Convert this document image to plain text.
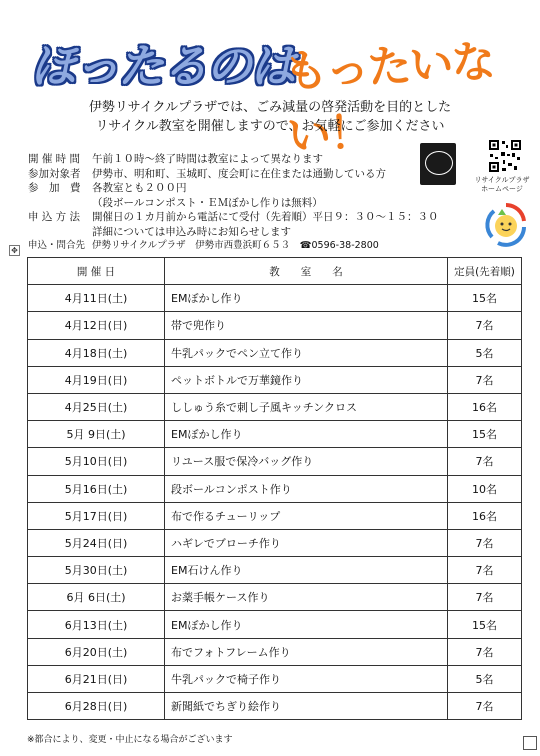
ほったるのは
もったいない！
伊勢リサイクルプラザでは、ごみ減量の啓発活動を目的とした
リサイクル教室を開催しますので、お気軽にご参加ください
開 催 時 間	午前１０時～終了時間は教室によって異なります
参加対象者	伊勢市、明和町、玉城町、度会町に在住または通勤している方
参　加　費	各教室とも２００円
（段ボールコンポスト・ＥＭぼかし作りは無料）
申 込 方 法	開催日の１カ月前から電話にて受付（先着順）平日９：３０～１５：３０
詳細については申込み時にお知らせします
申込・問合先 伊勢リサイクルプラザ　伊勢市西豊浜町６５３　☎0596-38-2800
リサイクルプラザ
ホームページ
✥
開 催 日	教　　室　　名	定員(先着順)
4月11日(土)	EMぼかし作り	15名
4月12日(日)	帯で兜作り	7名
4月18日(土)	牛乳パックでペン立て作り	5名
4月19日(日)	ペットボトルで万華鏡作り	7名
4月25日(土)	ししゅう糸で刺し子風キッチンクロス	16名
5月 9日(土)	EMぼかし作り	15名
5月10日(日)	リユース服で保冷バッグ作り	7名
5月16日(土)	段ボールコンポスト作り	10名
5月17日(日)	布で作るチューリップ	16名
5月24日(日)	ハギレでブローチ作り	7名
5月30日(土)	EM石けん作り	7名
6月 6日(土)	お薬手帳ケース作り	7名
6月13日(土)	EMぼかし作り	15名
6月20日(土)	布でフォトフレーム作り	7名
6月21日(日)	牛乳パックで椅子作り	5名
6月28日(日)	新聞紙でちぎり絵作り	7名
※都合により、変更・中止になる場合がございます
